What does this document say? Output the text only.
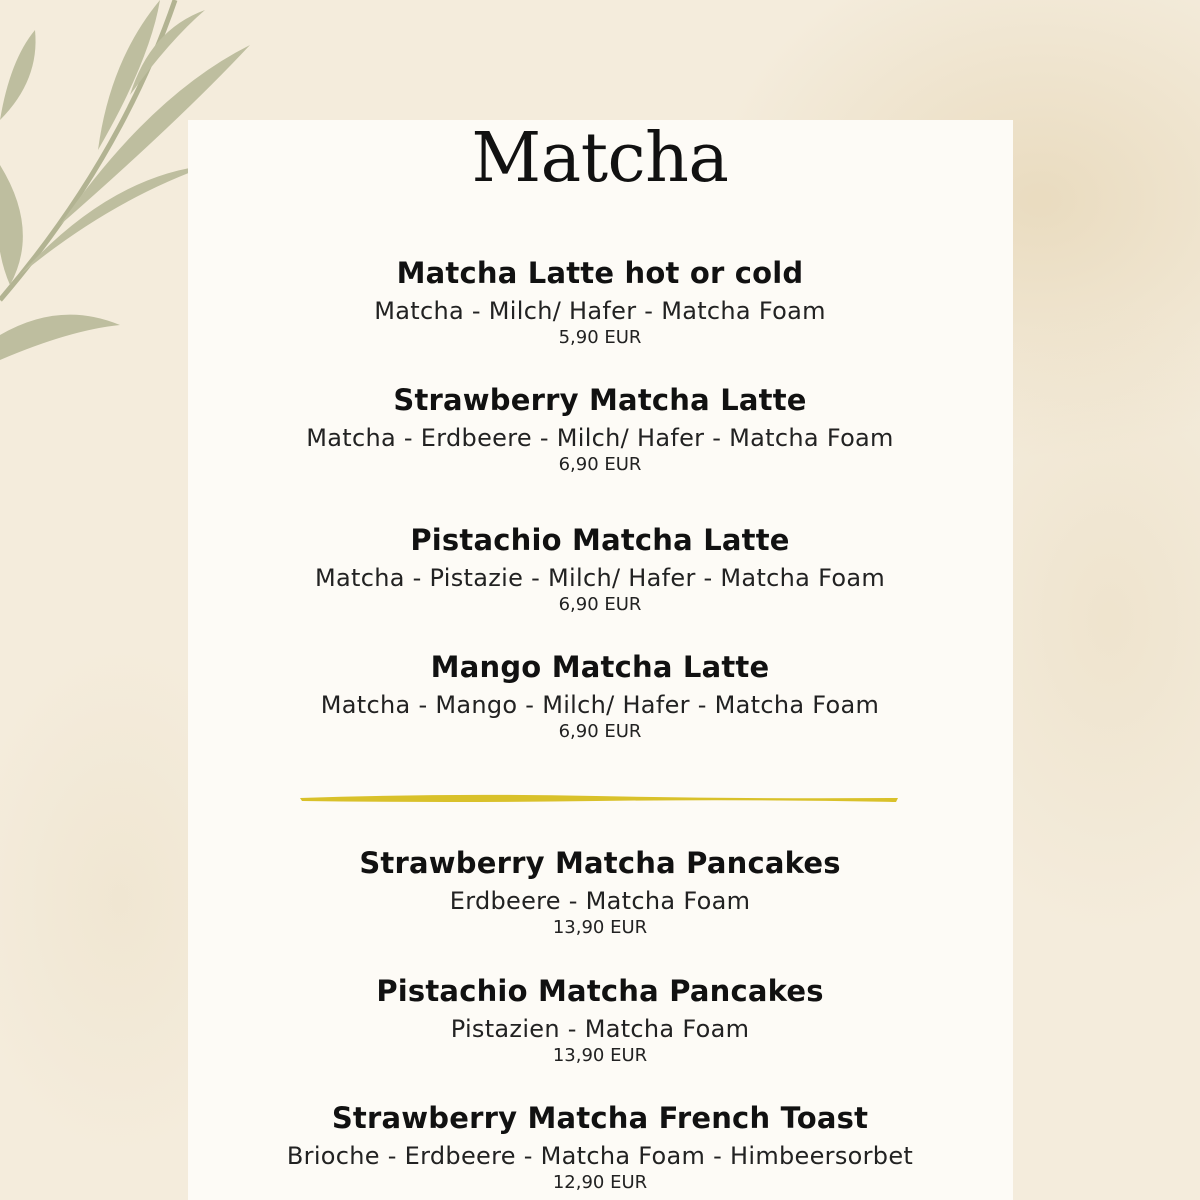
Matcha
Matcha Latte hot or cold
Matcha - Milch/ Hafer - Matcha Foam
5,90 EUR
Strawberry Matcha Latte
Matcha - Erdbeere - Milch/ Hafer - Matcha Foam
6,90 EUR
Pistachio Matcha Latte
Matcha - Pistazie - Milch/ Hafer - Matcha Foam
6,90 EUR
Mango Matcha Latte
Matcha - Mango - Milch/ Hafer - Matcha Foam
6,90 EUR
Strawberry Matcha Pancakes
Erdbeere - Matcha Foam
13,90 EUR
Pistachio Matcha Pancakes
Pistazien - Matcha Foam
13,90 EUR
Strawberry Matcha French Toast
Brioche - Erdbeere - Matcha Foam - Himbeersorbet
12,90 EUR
